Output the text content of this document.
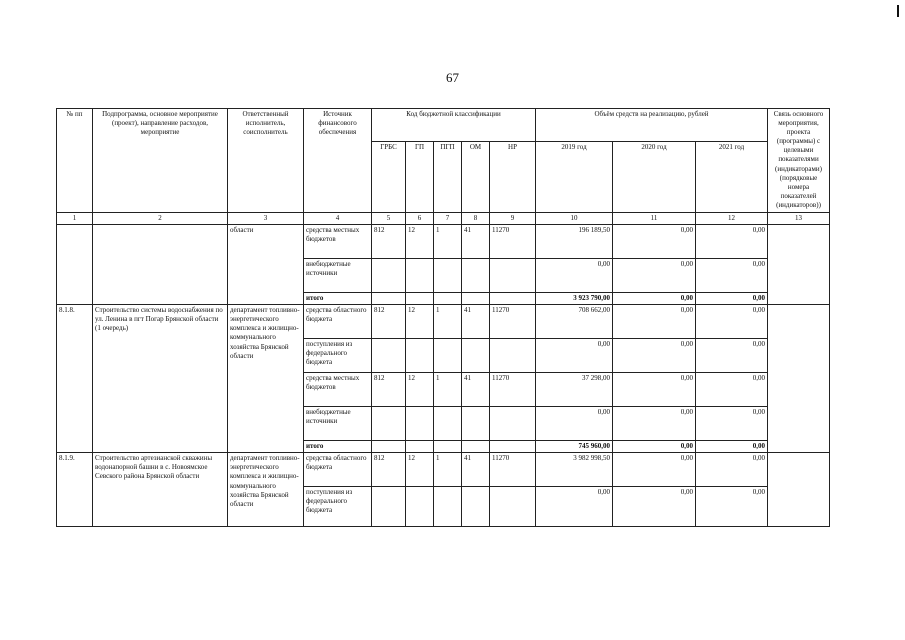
67
№ пп	Подпрограмма, основное мероприятие (проект), направление расходов, мероприятие	Ответственный исполнитель, соисполнитель	Источник финансового обеспечения	Код бюджетной классификации					Объём средств на реализацию, рублей			Связь основного мероприятия, проекта (программы) с целевыми показателями (индикаторами) (порядковые номера показателей (индикаторов))
				ГРБС	ГП	ПГП	ОМ	НР	2019 год	2020 год	2021 год	
1	2	3	4	5	6	7	8	9	10	11	12	13
		области	средства местных бюджетов	812	12	1	41	11270	196 189,50	0,00	0,00	
			внебюджетные источники						0,00	0,00	0,00	
			итого						3 923 790,00	0,00	0,00	
8.1.8.	Строительство системы водоснабжения по ул. Ленина в пгт Погар Брянской области (1 очередь)	департамент топливно-энергетического комплекса и жилищно-коммунального хозяйства Брянской области	средства областного бюджета	812	12	1	41	11270	708 662,00	0,00	0,00	
			поступления из федерального бюджета						0,00	0,00	0,00	
			средства местных бюджетов	812	12	1	41	11270	37 298,00	0,00	0,00	
			внебюджетные источники						0,00	0,00	0,00	
			итого						745 960,00	0,00	0,00	
8.1.9.	Строительство артезианской скважины водонапорной башни в с. Новоямское Севского района Брянской области	департамент топливно-энергетического комплекса и жилищно-коммунального хозяйства Брянской области	средства областного бюджета	812	12	1	41	11270	3 982 998,50	0,00	0,00	
			поступления из федерального бюджета						0,00	0,00	0,00	
